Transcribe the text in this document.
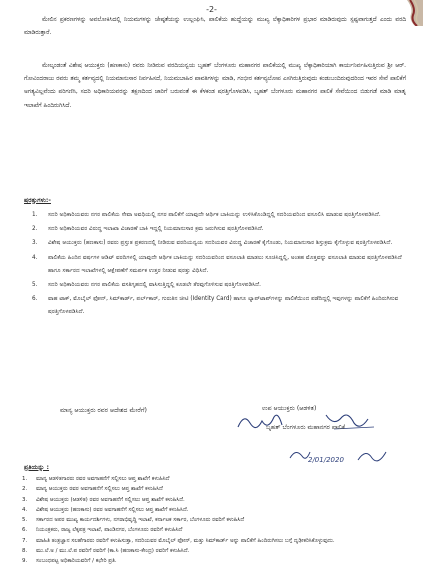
-2-

ಮೇಲಿನ ಪ್ರಕರಣಗಳನ್ನು ಅವಲೋಕಿಸಿದಲ್ಲಿ ನಿಯಮಗಳನ್ನು ಜೇಷ್ಠತೆಯನ್ನು ಉಲ್ಲಂಘಿಸಿ, ಪಾಲಿಕೆಯ ಹುದ್ದೆಯನ್ನು ಮುಖ್ಯ ಲೆಕ್ಕಾಧಿಕಾರಿಗಳ ಪ್ರಭಾರ ಮಾಡಿರುವುದು ಸ್ಪಷ್ಟವಾಗುತ್ತದೆ ಎಂದು ವರದಿ ಮಾಡಿರುತ್ತಾರೆ.

ಮೇಲ್ಕಂಡಂತೆ ವಿಶೇಷ ಆಯುಕ್ತರು (ಹಣಕಾಸು) ರವರು ನೀಡಿರುವ ವರದಿಯನ್ವಯ ಬೃಹತ್ ಬೆಂಗಳೂರು ಮಹಾನಗರ ಪಾಲಿಕೆಯಲ್ಲಿ ಮುಖ್ಯ ಲೆಕ್ಕಾಧಿಕಾರಿಯಾಗಿ ಕಾರ್ಯನಿರ್ವಹಿಸುತ್ತಿರುವ ಶ್ರೀ ಆರ್. ಗೋವಿಂದರಾಜು ರವರು ತಮ್ಮ ಕರ್ತವ್ಯದಲ್ಲಿ ನಿಯಮಾನುಸಾರ ನಿರ್ವಹಿಸದೆ, ನಿಯಮಬಾಹಿರ ಪಾವತಿಗಳನ್ನು ಮಾಡಿ, ಗಂಭೀರ ಕರ್ತವ್ಯಲೋಪ ಎಸಗಿರುತ್ತಿರುವುದು ಕಂಡುಬಂದಿರುವುದರಿಂದ ಇವರ ಸೇವೆ ಪಾಲಿಕೆಗೆ ಅಗತ್ಯವಿಲ್ಲವೆಂದು ಪರಿಗಣಿಸಿ, ಸದರಿ ಅಧಿಕಾರಿಯವರನ್ನು ತಕ್ಷಣದಿಂದ ಜಾರಿಗೆ ಬರುವಂತೆ ಈ ಕೆಳಕಂಡ ಷರತ್ತಿಗೊಳಪಡಿಸಿ, ಬೃಹತ್ ಬೆಂಗಳೂರು ಮಹಾನಗರ ಪಾಲಿಕೆ ಸೇವೆಯಿಂದ ಬಿಡುಗಡೆ ಮಾಡಿ ಮಾತೃ ಇಲಾಖೆಗೆ ಹಿಂದಿರುಗಿಸಿದೆ.

ಷರತ್ತುಗಳು:-
1. ಸದರಿ ಅಧಿಕಾರಿಯವರು ನಗರ ಪಾಲಿಕೆಯ ಸೇವಾ ಅವಧಿಯಲ್ಲಿ ನಗರ ಪಾಲಿಕೆಗೆ ಯಾವುದೇ ಆರ್ಥಿಕ ಬಾಕಿಯನ್ನು ಉಳಿಸಿಕೊಂಡಿದ್ದಲ್ಲಿ ಸದರಿಯವರಿಂದ ವಸೂಲಿಸಿ ಮಾಡುವ ಷರತ್ತಿಗೊಳಪಡಿಸಿದೆ.
2. ಸದರಿ ಅಧಿಕಾರಿಯವರ ವಿರುದ್ಧ ಇಲಾಖಾ ವಿಚಾರಣೆ ಬಾಕಿ ಇದ್ದಲ್ಲಿ ನಿಯಮಾನುಸಾರ ಕ್ರಮ ಜರುಗಿಸುವ ಷರತ್ತಿಗೊಳಪಡಿಸಿದೆ.
3. ವಿಶೇಷ ಆಯುಕ್ತರು (ಹಣಕಾಸು) ರವರು ಪ್ರಸ್ತುತ ಪ್ರಕರಣದಲ್ಲಿ ನೀಡಿರುವ ವರದಿಯನ್ವಯ ಸದರಿಯವರ ವಿರುದ್ಧ ವಿಚಾರಣೆ ಕೈಗೊಂಡು, ನಿಯಮಾನುಸಾರ ಶಿಸ್ತುಕ್ರಮ ಕೈಗೊಳ್ಳುವ ಷರತ್ತಿಗೊಳಪಡಿಸಿದೆ.
4. ಪಾಲಿಕೆಯ ಹಿಂದಿನ ವರ್ಷಗಳ ಆಡಿಟ್ ವರದಿಗಳಲ್ಲಿ ಯಾವುದೇ ಆರ್ಥಿಕ ಬಾಕಿಯನ್ನು ಸದರಿಯವರಿಂದ ವಸೂಲಾತಿ ಮಾಡಲು ಸೂಚಿಸಿದ್ದಲ್ಲಿ, ಅಂತಹ ಮೊತ್ತವನ್ನು ವಸೂಲಾತಿ ಮಾಡುವ ಷರತ್ತಿಗೊಳಪಡಿಸಿದೆ ಹಾಗೂ ಸರ್ಕಾರದ ಇಲಾಖೆಗಳಲ್ಲಿ ಆಕ್ಷೇಪಣೆಗೆ ಸಮರ್ಪಕ ಉತ್ತರ ನೀಡುವ ಷರತ್ತು ವಿಧಿಸಿದೆ.
5. ಸದರಿ ಅಧಿಕಾರಿಯವರು ನಗರ ಪಾಲಿಕೆಯ ವಸತಿಗೃಹದಲ್ಲಿ ವಾಸಿಸುತ್ತಿದ್ದಲ್ಲಿ ಕೂಡಲೇ ತೆರವುಗೊಳಿಸುವ ಷರತ್ತಿಗೊಳಪಡಿಸಿದೆ.
6. ವಾಹ ಟಾಕ್, ಮೊಬೈಲ್ ಫೋನ್, ಸಿಮ್‌ಕಾರ್ಡ್, ಪರ್ಲ್‌ಕಾರ್, ಗುರುತಿನ ಚೀಟಿ (Identity Card) ಹಾಗೂ ಲ್ಯಾಪ್‌ಟಾಪ್‌ಗಳನ್ನು ಪಾಲಿಕೆಯಿಂದ ಪಡೆದಿದ್ದಲ್ಲಿ ಇವುಗಳನ್ನು ಪಾಲಿಕೆಗೆ ಹಿಂದಿರುಗಿಸುವ ಷರತ್ತಿಗೊಳಪಡಿಸಿದೆ.
ಮಾನ್ಯ ಆಯುಕ್ತರು ರವರ ಆದೇಶದ ಮೇರೆಗೆ)	ಉಪ ಆಯುಕ್ತರು (ಆಡಳಿತ)
ಬೃಹತ್ ಬೆಂಗಳೂರು ಮಹಾನಗರ ಪಾಲಿಕೆ
2/01/2020
ಪ್ರತಿಯನ್ನು :
1. ಮಾನ್ಯ ಆಡಳಿತಗಾರರು ರವರ ಅವಗಾಹನೆಗೆ ಸಲ್ಲಿಸಲು ಆಪ್ತ ಶಾಖೆಗೆ ಕಳುಹಿಸಿದೆ
2. ಮಾನ್ಯ ಆಯುಕ್ತರು ರವರ ಅವಗಾಹನೆಗೆ ಸಲ್ಲಿಸಲು ಆಪ್ತ ಶಾಖೆಗೆ ಕಳುಹಿಸಿದೆ
3. ವಿಶೇಷ ಆಯುಕ್ತರು (ಆಡಳಿತ) ರವರ ಅವಗಾಹನೆಗೆ ಸಲ್ಲಿಸಲು ಆಪ್ತ ಶಾಖೆಗೆ ಕಳುಹಿಸಿದೆ.
4. ವಿಶೇಷ ಆಯುಕ್ತರು (ಹಣಕಾಸು) ರವರ ಅವಗಾಹನೆಗೆ ಸಲ್ಲಿಸಲು ಆಪ್ತ ಶಾಖೆಗೆ ಕಳುಹಿಸಿದೆ.
5. ಸರ್ಕಾರದ ಅಪರ ಮುಖ್ಯ ಕಾರ್ಯದರ್ಶಿಗಳು, ನಗರಾಭಿವೃದ್ಧಿ ಇಲಾಖೆ, ಕರ್ನಾಟಕ ಸರ್ಕಾರ, ಬೆಂಗಳೂರು ರವರಿಗೆ ಕಳುಹಿಸಿದೆ
6. ನಿಯಂತ್ರಕರು, ರಾಜ್ಯ ಲೆಕ್ಕಪತ್ರ ಇಲಾಖೆ, ಪಾಂಡಿನಗರ, ಬೆಂಗಳೂರು ರವರಿಗೆ ಕಳುಹಿಸಿದೆ
7. ಮಾಹಿತಿ ತಂತ್ರಜ್ಞಾನ ಸಲಹೆಗಾರರು ರವರಿಗೆ ಕಳುಹಿಸುತ್ತಾ, ಸದರಿಯವರ ಮೊಬೈಲ್ ಫೋನ್, ಮತ್ತು ಸಿಮ್‌ಕಾರ್ಡ್ ಅನ್ನು ಪಾಲಿಕೆಗೆ ಹಿಂದಿರುಗಿಸಲು ಬಗ್ಗೆ ದೃಢೀಕರಿಸಿಕೊಳ್ಳುವುದು.
8. ಮು.ಲೆ.ಅ / ಮು.ಲೆ.ಪ ರವರಿಗೆ ರವರಿಗೆ (ಕಾ.ಸಿ (ಹಣಕಾಸು-ಕೇಂದ್ರ) ರವರಿಗೆ ಕಳುಹಿಸಿದೆ.
9. ಸಂಬಂಧಪಟ್ಟ ಅಧಿಕಾರಿಯವರಿಗೆ / ಕಛೇರಿ ಪ್ರತಿ.
